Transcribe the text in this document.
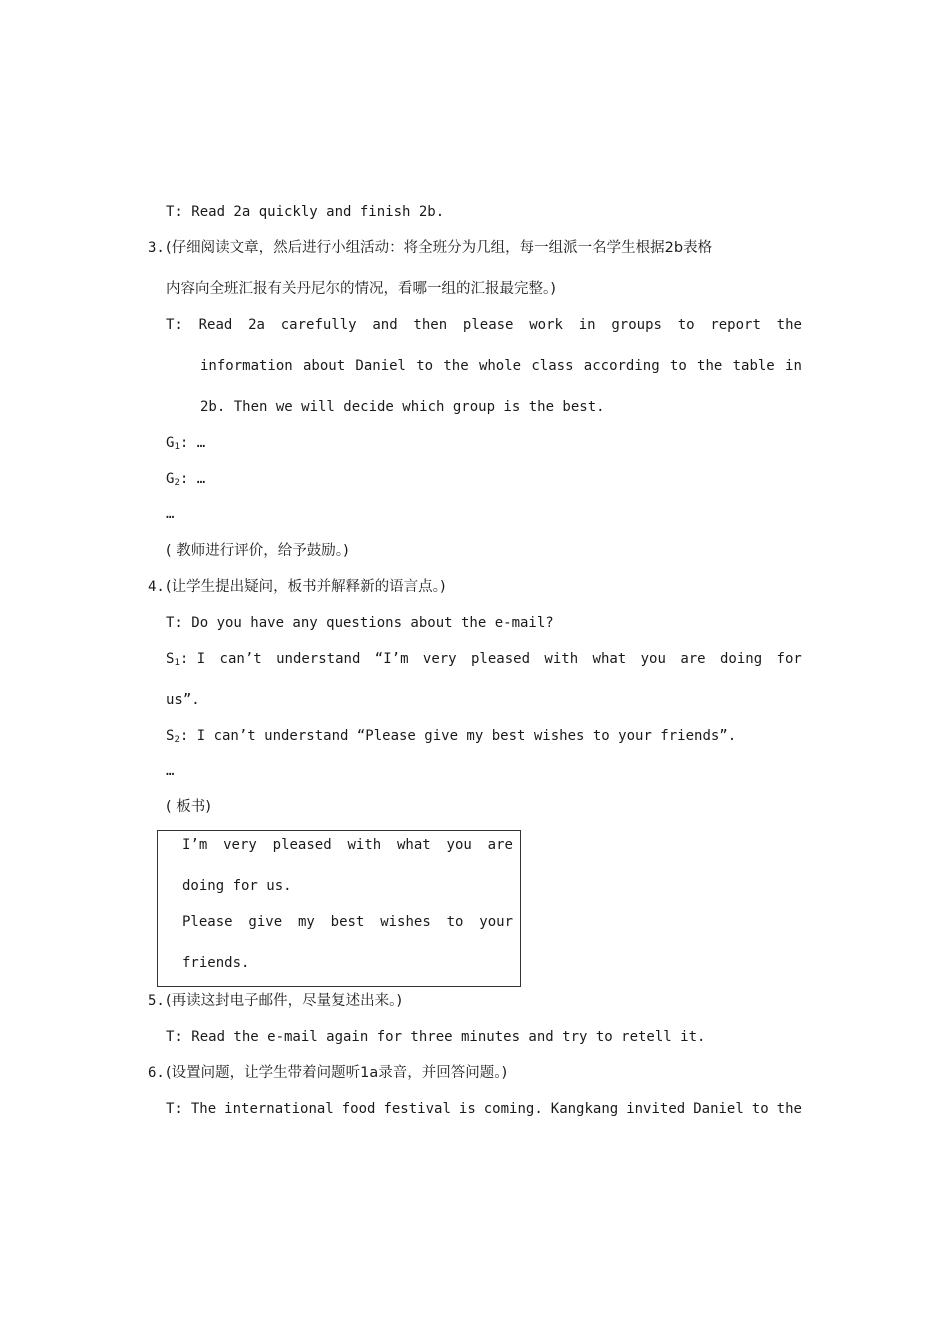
T: Read 2a quickly and finish 2b.
3. (仔细阅读文章，然后进行小组活动：将全班分为几组，每一组派一名学生根据2b表格
内容向全班汇报有关丹尼尔的情况，看哪一组的汇报最完整。)
T: Read 2a carefully and then please work in groups to report the
information about Daniel to the whole class according to the table in
2b. Then we will decide which group is the best.
$G_1$: …
$G_2$: …
…
( 教师进行评价，给予鼓励。)
4. (让学生提出疑问，板书并解释新的语言点。)
T: Do you have any questions about the e-mail?
$S_1$: I can’t understand “I’m very pleased with what you are doing for
us”.
$S_2$: I can’t understand “Please give my best wishes to your friends”.
…
( 板书)
I’m very pleased with what you are
doing for us.
Please give my best wishes to your
friends.
5. (再读这封电子邮件，尽量复述出来。)
T: Read the e-mail again for three minutes and try to retell it.
6. (设置问题，让学生带着问题听1a录音，并回答问题。)
T: The international food festival is coming. Kangkang invited Daniel to the
